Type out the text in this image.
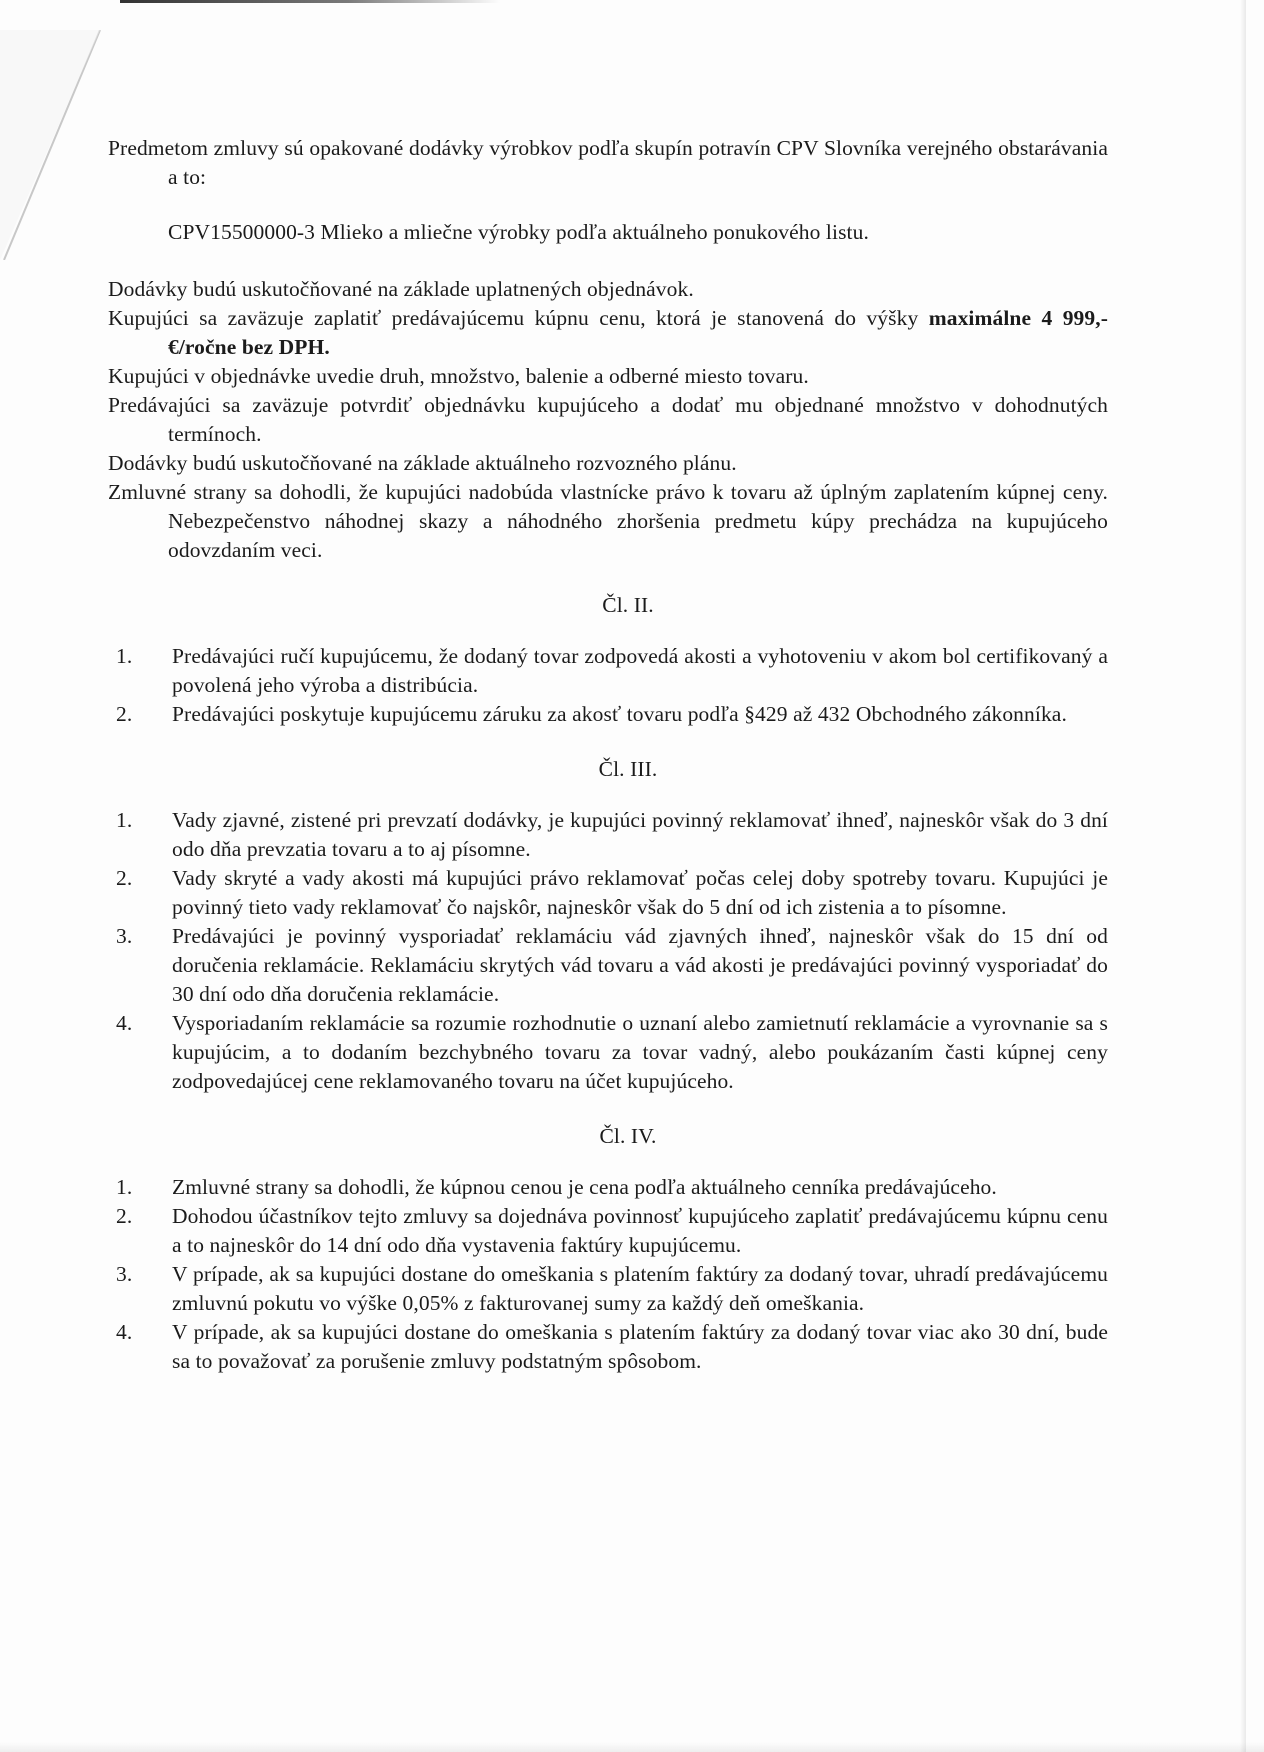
Predmetom zmluvy sú opakované dodávky výrobkov podľa skupín potravín CPV Slovníka verejného obstarávania a to:

CPV15500000-3 Mlieko a mliečne výrobky podľa aktuálneho ponukového listu.

Dodávky budú uskutočňované na základe uplatnených objednávok.

Kupujúci sa zaväzuje zaplatiť predávajúcemu kúpnu cenu, ktorá je stanovená do výšky maximálne 4 999,- €/ročne bez DPH.

Kupujúci v objednávke uvedie druh, množstvo, balenie a odberné miesto tovaru.

Predávajúci sa zaväzuje potvrdiť objednávku kupujúceho a dodať mu objednané množstvo v dohodnutých termínoch.

Dodávky budú uskutočňované na základe aktuálneho rozvozného plánu.

Zmluvné strany sa dohodli, že kupujúci nadobúda vlastnícke právo k tovaru až úplným zaplatením kúpnej ceny. Nebezpečenstvo náhodnej skazy a náhodného zhoršenia predmetu kúpy prechádza na kupujúceho odovzdaním veci.

Čl. II.
1.	Predávajúci ručí kupujúcemu, že dodaný tovar zodpovedá akosti a vyhotoveniu v akom bol certifikovaný a povolená jeho výroba a distribúcia.
2.	Predávajúci poskytuje kupujúcemu záruku za akosť tovaru podľa §429 až 432 Obchodného zákonníka.
Čl. III.
1.	Vady zjavné, zistené pri prevzatí dodávky, je kupujúci povinný reklamovať ihneď, najneskôr však do 3 dní odo dňa prevzatia tovaru a to aj písomne.
2.	Vady skryté a vady akosti má kupujúci právo reklamovať počas celej doby spotreby tovaru. Kupujúci je povinný tieto vady reklamovať čo najskôr, najneskôr však do 5 dní od ich zistenia a to písomne.
3.	Predávajúci je povinný vysporiadať reklamáciu vád zjavných ihneď, najneskôr však do 15 dní od doručenia reklamácie. Reklamáciu skrytých vád tovaru a vád akosti je predávajúci povinný vysporiadať do 30 dní odo dňa doručenia reklamácie.
4.	Vysporiadaním reklamácie sa rozumie rozhodnutie o uznaní alebo zamietnutí reklamácie a vyrovnanie sa s kupujúcim, a to dodaním bezchybného tovaru za tovar vadný, alebo poukázaním časti kúpnej ceny zodpovedajúcej cene reklamovaného tovaru na účet kupujúceho.
Čl. IV.
1.	Zmluvné strany sa dohodli, že kúpnou cenou je cena podľa aktuálneho cenníka predávajúceho.
2.	Dohodou účastníkov tejto zmluvy sa dojednáva povinnosť kupujúceho zaplatiť predávajúcemu kúpnu cenu a to najneskôr do 14 dní odo dňa vystavenia faktúry kupujúcemu.
3.	V prípade, ak sa kupujúci dostane do omeškania s platením faktúry za dodaný tovar, uhradí predávajúcemu zmluvnú pokutu vo výške 0,05% z fakturovanej sumy za každý deň omeškania.
4.	V prípade, ak sa kupujúci dostane do omeškania s platením faktúry za dodaný tovar viac ako 30 dní, bude sa to považovať za porušenie zmluvy podstatným spôsobom.
